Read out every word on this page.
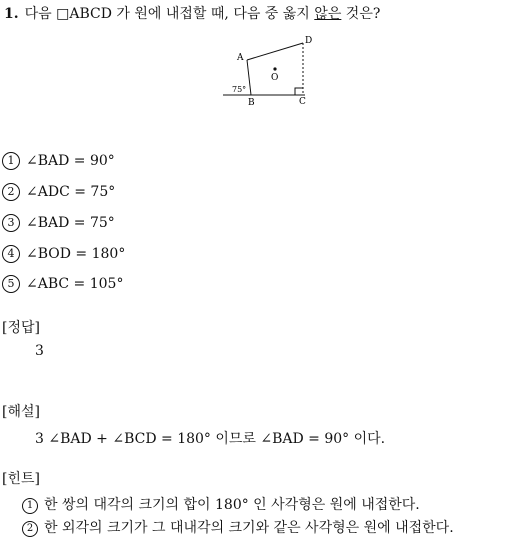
1. 다음 □ABCD 가 원에 내접할 때, 다음 중 옳지 않은 것은?
O
A
D
B	C
75°
1 ∠BAD = 90°
2 ∠ADC = 75°
3 ∠BAD = 75°
4 ∠BOD = 180°
5 ∠ABC = 105°
[정답]
3
[해설]
3 ∠BAD + ∠BCD = 180° 이므로 ∠BAD = 90° 이다.
[힌트]
1 한 쌍의 대각의 크기의 합이 180° 인 사각형은 원에 내접한다.
2 한 외각의 크기가 그 대내각의 크기와 같은 사각형은 원에 내접한다.
